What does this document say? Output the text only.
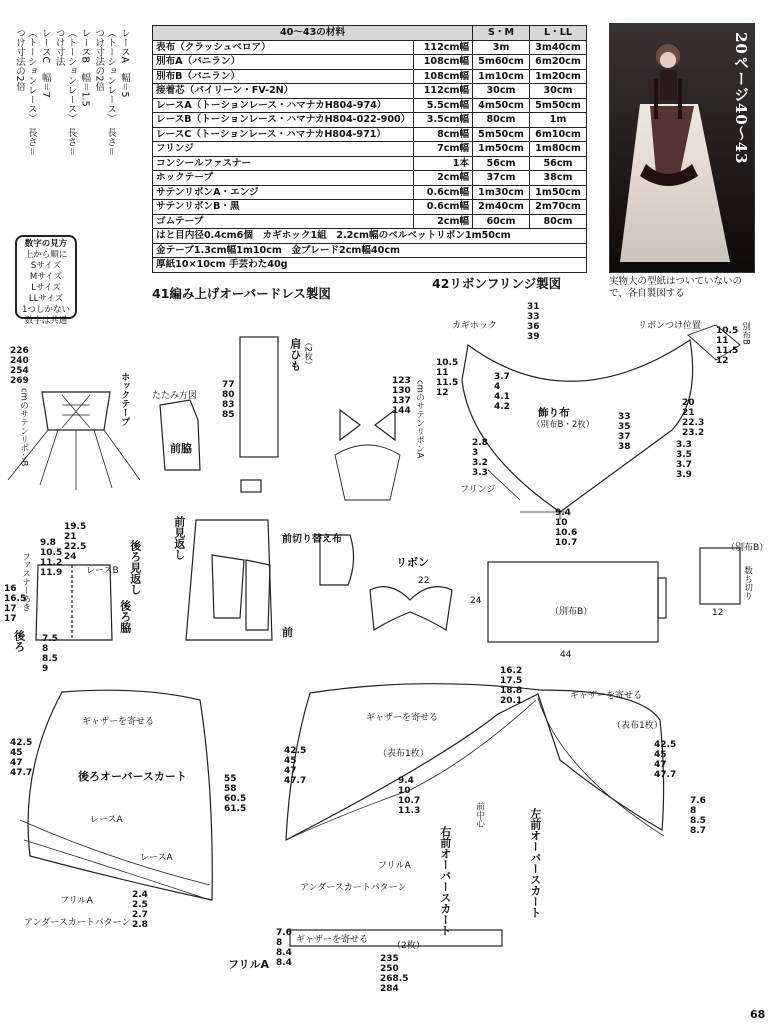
40～43の材料		S・M	L・LL
表布（クラッシュベロア）	112cm幅	3m	3m40cm
別布A（バニラン）	108cm幅	5m60cm	6m20cm
別布B（バニラン）	108cm幅	1m10cm	1m20cm
接着芯（パイリーン・FV-2N）	112cm幅	30cm	30cm
レースA（トーションレース・ハマナカH804-974）	5.5cm幅	4m50cm	5m50cm
レースB（トーションレース・ハマナカH804-022-900）	3.5cm幅	80cm	1m
レースC（トーションレース・ハマナカH804-971）	8cm幅	5m50cm	6m10cm
フリンジ	7cm幅	1m50cm	1m80cm
コンシールファスナー	1本	56cm	56cm
ホックテープ	2cm幅	37cm	38cm
サテンリボンA・エンジ	0.6cm幅	1m30cm	1m50cm
サテンリボンB・黒	0.6cm幅	2m40cm	2m70cm
ゴムテープ	2cm幅	60cm	80cm
はと目内径0.4cm6個　カギホック1組　2.2cm幅のベルベットリボン1m50cm			
金テープ1.3cm幅1m10cm　金ブレード2cm幅40cm			
厚紙10×10cm 手芸わた40g			
20ページ40〜43
実物大の型紙はついていないので、各自製図する
レースA　幅＝5
（トーションレース）　長さ＝つけ寸法の2倍
レースB　幅＝1.5
（トーションレース）　長さ＝つけ寸法
レースC　幅＝7
（トーションレース）　長さ＝つけ寸法の2倍
数字の見方
上から順に
Sサイズ
Mサイズ
Lサイズ
LLサイズ
1つしかない
数字は共通
41編み上げオーバードレス製図
42リボンフリンジ製図
ホックテープ
226
240
254
269
cmのサテンリボンB	たたみ方図
前脇
肩ひも （2枚）
77
80
83
85
123
130
137
144 cmのサテンリボンA
カギホック	リボンつけ位置
飾り布
（別布B・2枚）
フリンジ
31
33
36
39
10.5
11
11.5
12
3.7
4
4.1
4.2
33
35
37
38
20
21
22.3
23.2
3.3
3.5
3.7
3.9
2.8
3
3.2
3.3
9.4
10
10.6
10.7
10.5
11
11.5
12
別布B
19.5
21
22.5
24
9.8
10.5
11.2
11.9
16
16.5
17
17
7.5
8
8.5
9
レースB 後ろ見返し
後ろ脇
後ろ
ファスナーあき
前見返し	前切り替え布
前
リボン
22
24
44
（別布B）
（別布B）
12
数ち切り
後ろオーバースカート
ギャザーを寄せる
レースA
レースA
フリルA
アンダースカートパターン
42.5
45
47
47.7
55
58
60.5
61.5
2.4
2.5
2.7
2.8
ギャザーを寄せる
ギャザーを寄せる
（表布1枚）
（表布1枚）
右前オーバースカート	左前オーバースカート
前中心
アンダースカートパターン
フリルA
16.2
17.5
18.8
20.1
9.4
10
10.7
11.3
42.5
45
47
47.7
42.5
45
47
47.7
7.6
8
8.5
8.7
フリルA
ギャザーを寄せる
（2枚）
7.6
8
8.4
8.4	235
250
268.5
284
68
